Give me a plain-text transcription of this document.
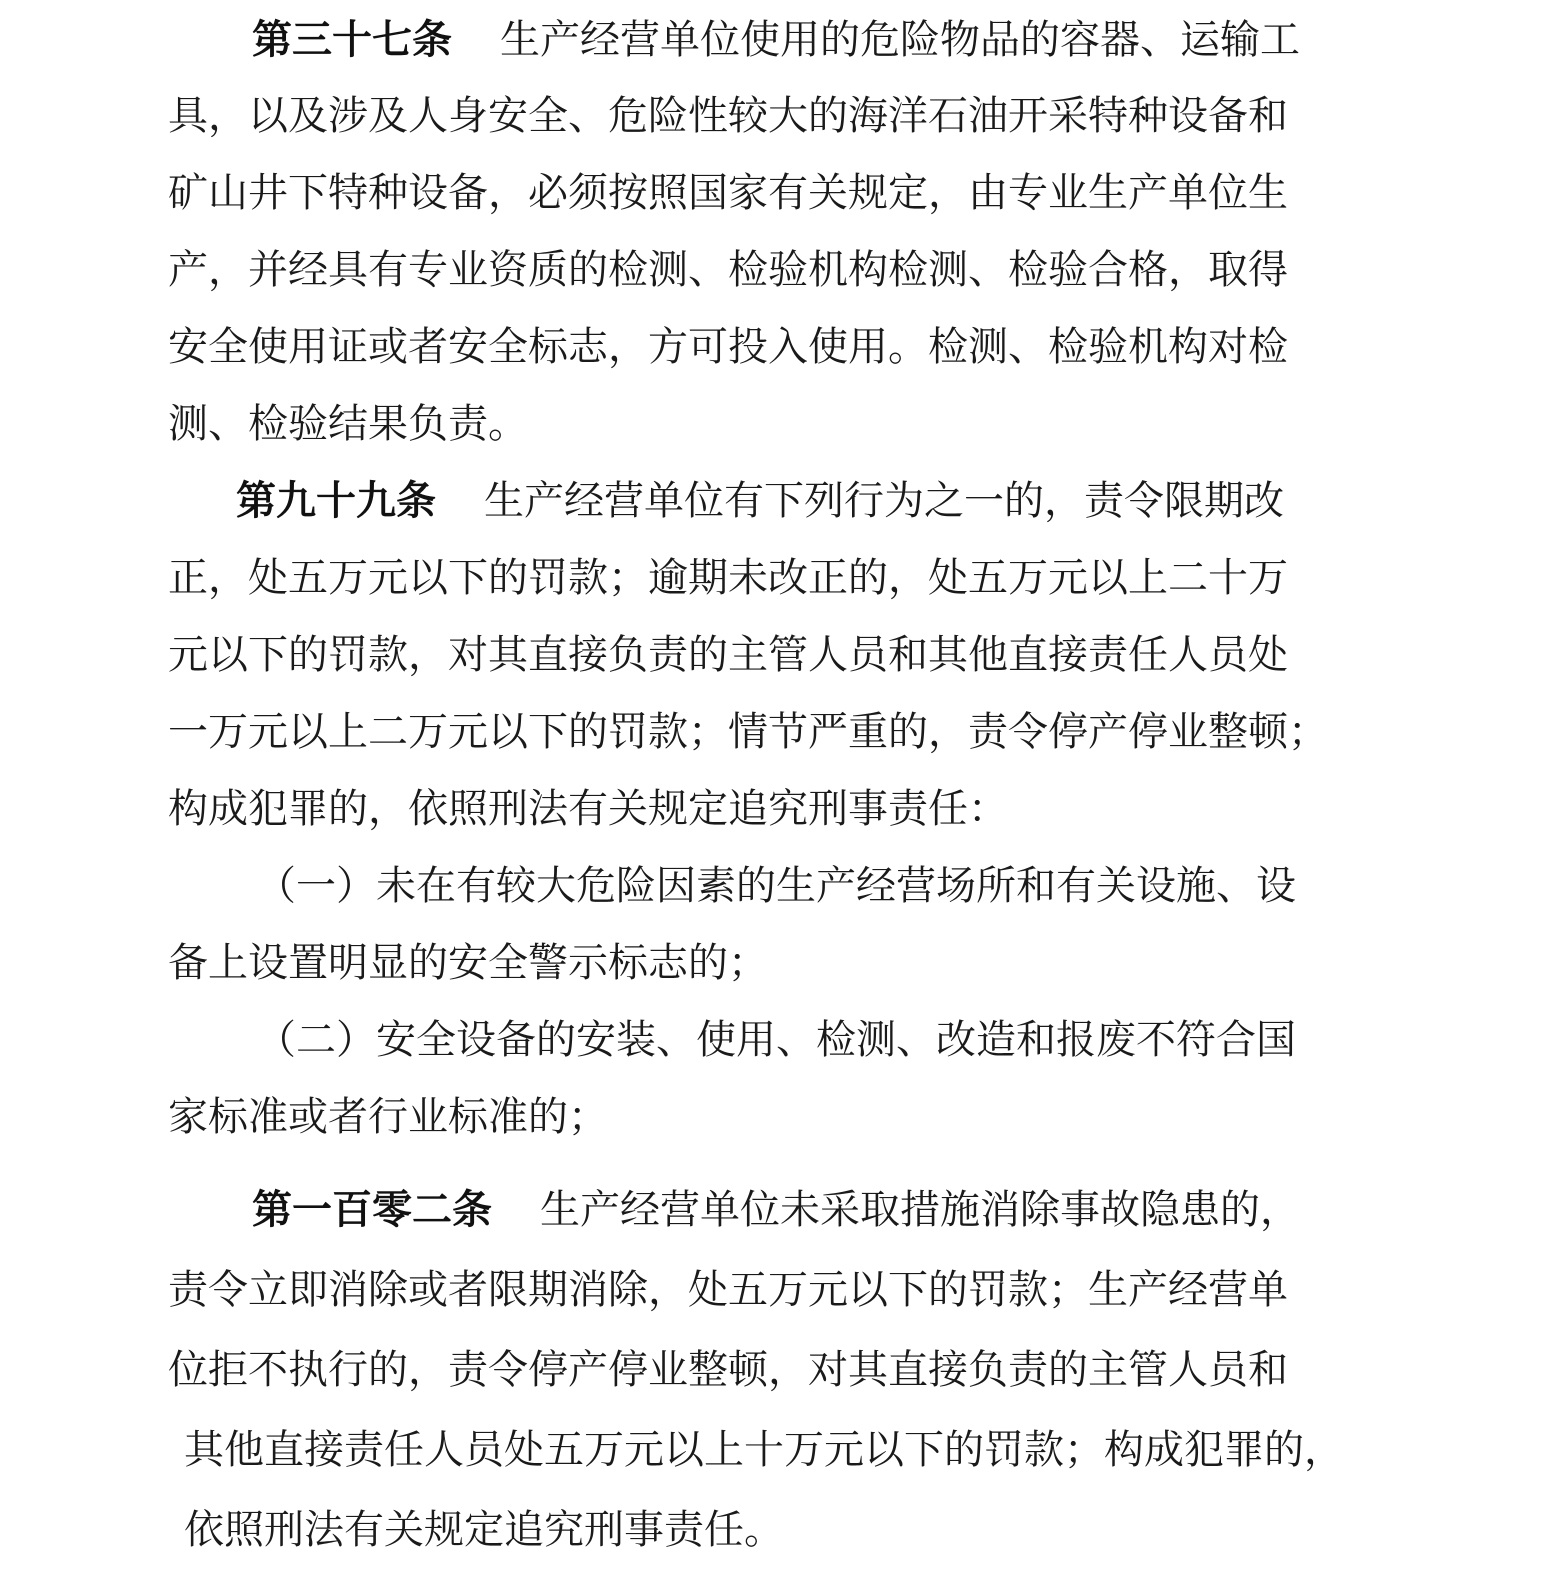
第三十七条 生产经营单位使用的危险物品的容器、运输工
具，以及涉及人身安全、危险性较大的海洋石油开采特种设备和
矿山井下特种设备，必须按照国家有关规定，由专业生产单位生
产，并经具有专业资质的检测、检验机构检测、检验合格，取得
安全使用证或者安全标志，方可投入使用。检测、检验机构对检
测、检验结果负责。
第九十九条 生产经营单位有下列行为之一的，责令限期改
正，处五万元以下的罚款；逾期未改正的，处五万元以上二十万
元以下的罚款，对其直接负责的主管人员和其他直接责任人员处
一万元以上二万元以下的罚款；情节严重的，责令停产停业整顿；
构成犯罪的，依照刑法有关规定追究刑事责任：
（一）未在有较大危险因素的生产经营场所和有关设施、设
备上设置明显的安全警示标志的；
（二）安全设备的安装、使用、检测、改造和报废不符合国
家标准或者行业标准的；
第一百零二条 生产经营单位未采取措施消除事故隐患的，
责令立即消除或者限期消除，处五万元以下的罚款；生产经营单
位拒不执行的，责令停产停业整顿，对其直接负责的主管人员和
其他直接责任人员处五万元以上十万元以下的罚款；构成犯罪的，
依照刑法有关规定追究刑事责任。
